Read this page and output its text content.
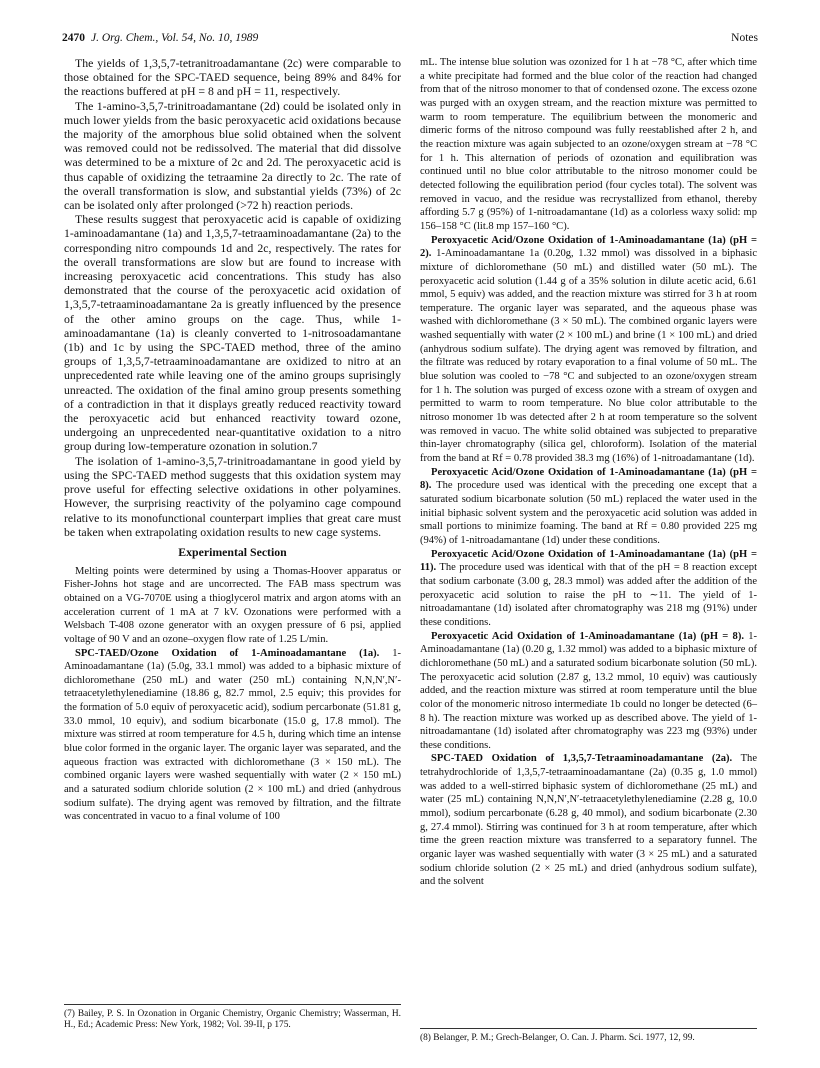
2470 J. Org. Chem., Vol. 54, No. 10, 1989	Notes

The yields of 1,3,5,7-tetranitroadamantane (2c) were comparable to those obtained for the SPC-TAED sequence, being 89% and 84% for the reactions buffered at pH = 8 and pH = 11, respectively.

The 1-amino-3,5,7-trinitroadamantane (2d) could be isolated only in much lower yields from the basic peroxyacetic acid oxidations because the majority of the amorphous blue solid obtained when the solvent was removed could not be redissolved. The material that did dissolve was determined to be a mixture of 2c and 2d. The peroxyacetic acid is thus capable of oxidizing the tetraamine 2a directly to 2c. The rate of the overall transformation is slow, and substantial yields (73%) of 2c can be isolated only after prolonged (>72 h) reaction periods.

These results suggest that peroxyacetic acid is capable of oxidizing 1-aminoadamantane (1a) and 1,3,5,7-tetraaminoadamantane (2a) to the corresponding nitro compounds 1d and 2c, respectively. The rates for the overall transformations are slow but are found to increase with increasing peroxyacetic acid concentrations. This study has also demonstrated that the course of the peroxyacetic acid oxidation of 1,3,5,7-tetraaminoadamantane 2a is greatly influenced by the presence of the other amino groups on the cage. Thus, while 1-aminoadamantane (1a) is cleanly converted to 1-nitrosoadamantane (1b) and 1c by using the SPC-TAED method, three of the amino groups of 1,3,5,7-tetraaminoadamantane are oxidized to nitro at an unprecedented rate while leaving one of the amino groups suprisingly unreacted. The oxidation of the final amino group presents something of a contradiction in that it displays greatly reduced reactivity toward the peroxyacetic acid but enhanced reactivity toward ozone, undergoing an unprecedented near-quantitative oxidation to a nitro group during low-temperature ozonation in solution.7

The isolation of 1-amino-3,5,7-trinitroadamantane in good yield by using the SPC-TAED method suggests that this oxidation system may prove useful for effecting selective oxidations in other polyamines. However, the surprising reactivity of the polyamino cage compound relative to its monofunctional counterpart implies that great care must be taken when extrapolating oxidation results to new cage systems.

Experimental Section

Melting points were determined by using a Thomas-Hoover apparatus or Fisher-Johns hot stage and are uncorrected. The FAB mass spectrum was obtained on a VG-7070E using a thioglycerol matrix and argon atoms with an acceleration current of 1 mA at 7 kV. Ozonations were performed with a Welsbach T-408 ozone generator with an oxygen pressure of 6 psi, applied voltage of 90 V and an ozone–oxygen flow rate of 1.25 L/min.

SPC-TAED/Ozone Oxidation of 1-Aminoadamantane (1a). 1-Aminoadamantane (1a) (5.0g, 33.1 mmol) was added to a biphasic mixture of dichloromethane (250 mL) and water (250 mL) containing N,N,N′,N′-tetraacetylethylenediamine (18.86 g, 82.7 mmol, 2.5 equiv; this provides for the formation of 5.0 equiv of peroxyacetic acid), sodium percarbonate (51.81 g, 33.0 mmol, 10 equiv), and sodium bicarbonate (15.0 g, 17.8 mmol). The mixture was stirred at room temperature for 4.5 h, during which time an intense blue color formed in the organic layer. The organic layer was separated, and the aqueous fraction was extracted with dichloromethane (3 × 150 mL). The combined organic layers were washed sequentially with water (2 × 150 mL) and a saturated sodium chloride solution (2 × 100 mL) and dried (anhydrous sodium sulfate). The drying agent was removed by filtration, and the filtrate was concentrated in vacuo to a final volume of 100

(7) Bailey, P. S. In Ozonation in Organic Chemistry, Organic Chemistry; Wasserman, H. H., Ed.; Academic Press: New York, 1982; Vol. 39-II, p 175.

mL. The intense blue solution was ozonized for 1 h at −78 °C, after which time a white precipitate had formed and the blue color of the reaction had changed from that of the nitroso monomer to that of condensed ozone. The excess ozone was purged with an oxygen stream, and the reaction mixture was permitted to warm to room temperature. The equilibrium between the monomeric and dimeric forms of the nitroso compound was fully reestablished after 2 h, and the reaction mixture was again subjected to an ozone/oxygen stream at −78 °C for 1 h. This alternation of periods of ozonation and equilibration was continued until no blue color attributable to the nitroso monomer could be detected following the equilibration period (four cycles total). The solvent was removed in vacuo, and the residue was recrystallized from ethanol, thereby affording 5.7 g (95%) of 1-nitroadamantane (1d) as a colorless waxy solid: mp 156–158 °C (lit.8 mp 157–160 °C).

Peroxyacetic Acid/Ozone Oxidation of 1-Aminoadamantane (1a) (pH = 2). 1-Aminoadamantane 1a (0.20g, 1.32 mmol) was dissolved in a biphasic mixture of dichloromethane (50 mL) and distilled water (50 mL). The peroxyacetic acid solution (1.44 g of a 35% solution in dilute acetic acid, 6.61 mmol, 5 equiv) was added, and the reaction mixture was stirred for 3 h at room temperature. The organic layer was separated, and the aqueous phase was washed with dichloromethane (3 × 50 mL). The combined organic layers were washed sequentially with water (2 × 100 mL) and brine (1 × 100 mL) and dried (anhydrous sodium sulfate). The drying agent was removed by filtration, and the filtrate was reduced by rotary evaporation to a final volume of 50 mL. The blue solution was cooled to −78 °C and subjected to an ozone/oxygen stream for 1 h. The solution was purged of excess ozone with a stream of oxygen and permitted to warm to room temperature. No blue color attributable to the nitroso monomer 1b was detected after 2 h at room temperature so the solvent was removed in vacuo. The white solid obtained was subjected to preparative thin-layer chromatography (silica gel, chloroform). Isolation of the material from the band at Rf = 0.78 provided 38.3 mg (16%) of 1-nitroadamantane (1d).

Peroxyacetic Acid/Ozone Oxidation of 1-Aminoadamantane (1a) (pH = 8). The procedure used was identical with the preceding one except that a saturated sodium bicarbonate solution (50 mL) replaced the water used in the initial biphasic solvent system and the peroxyacetic acid solution was added in small portions to minimize foaming. The band at Rf = 0.80 provided 225 mg (94%) of 1-nitroadamantane (1d) under these conditions.

Peroxyacetic Acid/Ozone Oxidation of 1-Aminoadamantane (1a) (pH = 11). The procedure used was identical with that of the pH = 8 reaction except that sodium carbonate (3.00 g, 28.3 mmol) was added after the addition of the peroxyacetic acid solution to raise the pH to ∼11. The yield of 1-nitroadamantane (1d) isolated after chromatography was 218 mg (91%) under these conditions.

Peroxyacetic Acid Oxidation of 1-Aminoadamantane (1a) (pH = 8). 1-Aminoadamantane (1a) (0.20 g, 1.32 mmol) was added to a biphasic mixture of dichloromethane (50 mL) and a saturated sodium bicarbonate solution (50 mL). The peroxyacetic acid solution (2.87 g, 13.2 mmol, 10 equiv) was cautiously added, and the reaction mixture was stirred at room temperature until the blue color of the monomeric nitroso intermediate 1b could no longer be detected (6–8 h). The reaction mixture was worked up as described above. The yield of 1-nitroadamantane (1d) isolated after chromatography was 223 mg (93%) under these conditions.

SPC-TAED Oxidation of 1,3,5,7-Tetraaminoadamantane (2a). The tetrahydrochloride of 1,3,5,7-tetraaminoadamantane (2a) (0.35 g, 1.0 mmol) was added to a well-stirred biphasic system of dichloromethane (25 mL) and water (25 mL) containing N,N,N′,N′-tetraacetylethylenediamine (2.28 g, 10.0 mmol), sodium percarbonate (6.28 g, 40 mmol), and sodium bicarbonate (2.30 g, 27.4 mmol). Stirring was continued for 3 h at room temperature, after which time the green reaction mixture was transferred to a separatory funnel. The organic layer was washed sequentially with water (3 × 25 mL) and a saturated sodium chloride solution (2 × 25 mL) and dried (anhydrous sodium sulfate), and the solvent

(8) Belanger, P. M.; Grech-Belanger, O. Can. J. Pharm. Sci. 1977, 12, 99.
